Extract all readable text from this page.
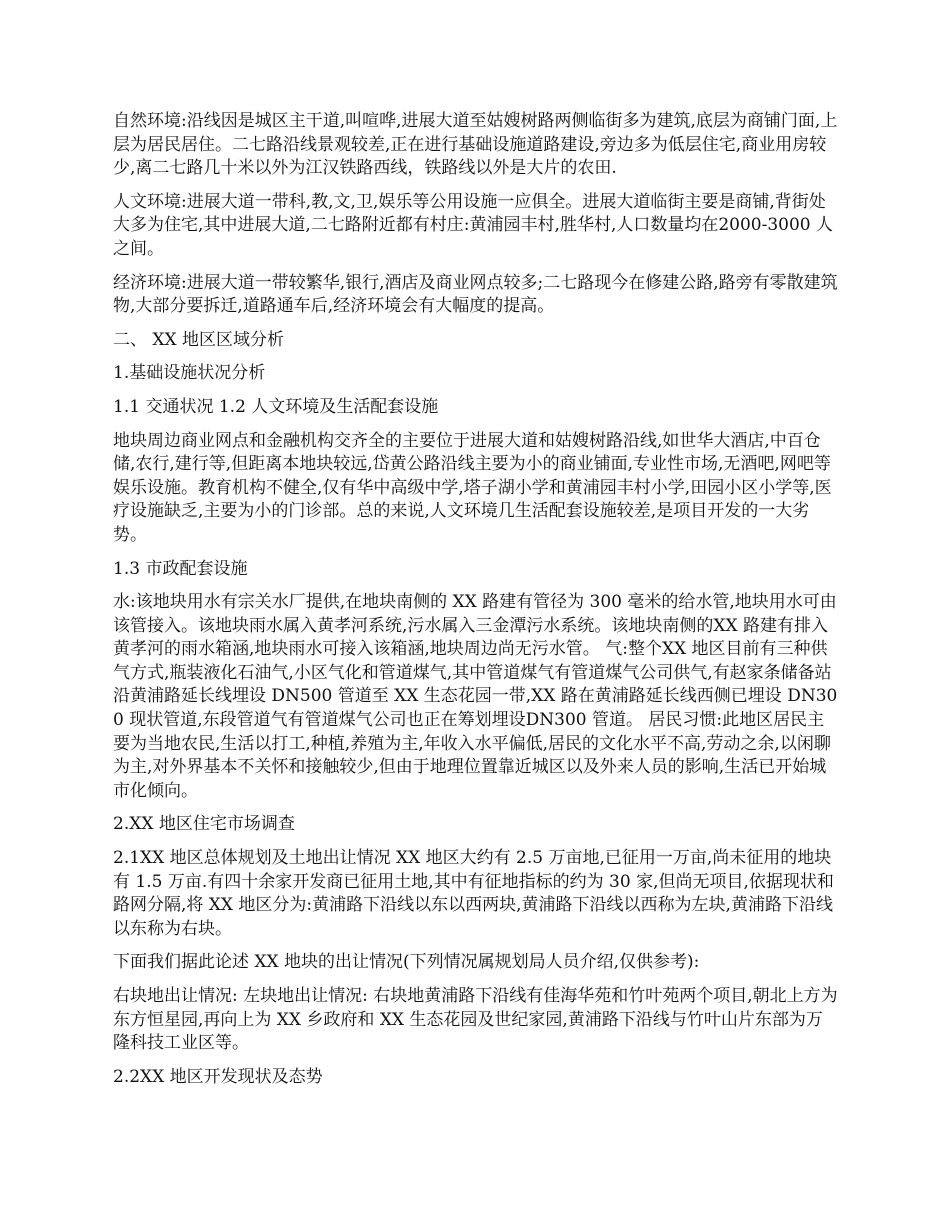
自然环境:沿线因是城区主干道,叫喧哗,进展大道至姑嫂树路两侧临街多为建筑,底层为商铺门面,上层为居民居住。二七路沿线景观较差,正在进行基础设施道路建设,旁边多为低层住宅,商业用房较少,离二七路几十米以外为江汉铁路西线，铁路线以外是大片的农田.

人文环境:进展大道一带科,教,文,卫,娱乐等公用设施一应俱全。进展大道临街主要是商铺,背街处大多为住宅,其中进展大道,二七路附近都有村庄:黄浦园丰村,胜华村,人口数量均在2000-3000 人之间。

经济环境:进展大道一带较繁华,银行,酒店及商业网点较多;二七路现今在修建公路,路旁有零散建筑物,大部分要拆迁,道路通车后,经济环境会有大幅度的提高。

二、 XX 地区区域分析

1.基础设施状况分析

1.1 交通状况 1.2 人文环境及生活配套设施

地块周边商业网点和金融机构交齐全的主要位于进展大道和姑嫂树路沿线,如世华大酒店,中百仓储,农行,建行等,但距离本地块较远,岱黄公路沿线主要为小的商业铺面,专业性市场,无酒吧,网吧等娱乐设施。教育机构不健全,仅有华中高级中学,塔子湖小学和黄浦园丰村小学,田园小区小学等,医疗设施缺乏,主要为小的门诊部。总的来说,人文环境几生活配套设施较差,是项目开发的一大劣势。

1.3 市政配套设施

水:该地块用水有宗关水厂提供,在地块南侧的 XX 路建有管径为 300 毫米的给水管,地块用水可由该管接入。该地块雨水属入黄孝河系统,污水属入三金潭污水系统。该地块南侧的XX 路建有排入黄孝河的雨水箱涵,地块雨水可接入该箱涵,地块周边尚无污水管。 气:整个XX 地区目前有三种供气方式,瓶装液化石油气,小区气化和管道煤气,其中管道煤气有管道煤气公司供气,有赵家条储备站沿黄浦路延长线埋设 DN500 管道至 XX 生态花园一带,XX 路在黄浦路延长线西侧已埋设 DN300 现状管道,东段管道气有管道煤气公司也正在筹划埋设DN300 管道。 居民习惯:此地区居民主要为当地农民,生活以打工,种植,养殖为主,年收入水平偏低,居民的文化水平不高,劳动之余,以闲聊为主,对外界基本不关怀和接触较少,但由于地理位置靠近城区以及外来人员的影响,生活已开始城市化倾向。

2.XX 地区住宅市场调查

2.1XX 地区总体规划及土地出让情况 XX 地区大约有 2.5 万亩地,已征用一万亩,尚未征用的地块有 1.5 万亩.有四十余家开发商已征用土地,其中有征地指标的约为 30 家,但尚无项目,依据现状和路网分隔,将 XX 地区分为:黄浦路下沿线以东以西两块,黄浦路下沿线以西称为左块,黄浦路下沿线以东称为右块。

下面我们据此论述 XX 地块的出让情况(下列情况属规划局人员介绍,仅供参考):

右块地出让情况: 左块地出让情况: 右块地黄浦路下沿线有佳海华苑和竹叶苑两个项目,朝北上方为东方恒星园,再向上为 XX 乡政府和 XX 生态花园及世纪家园,黄浦路下沿线与竹叶山片东部为万隆科技工业区等。

2.2XX 地区开发现状及态势
